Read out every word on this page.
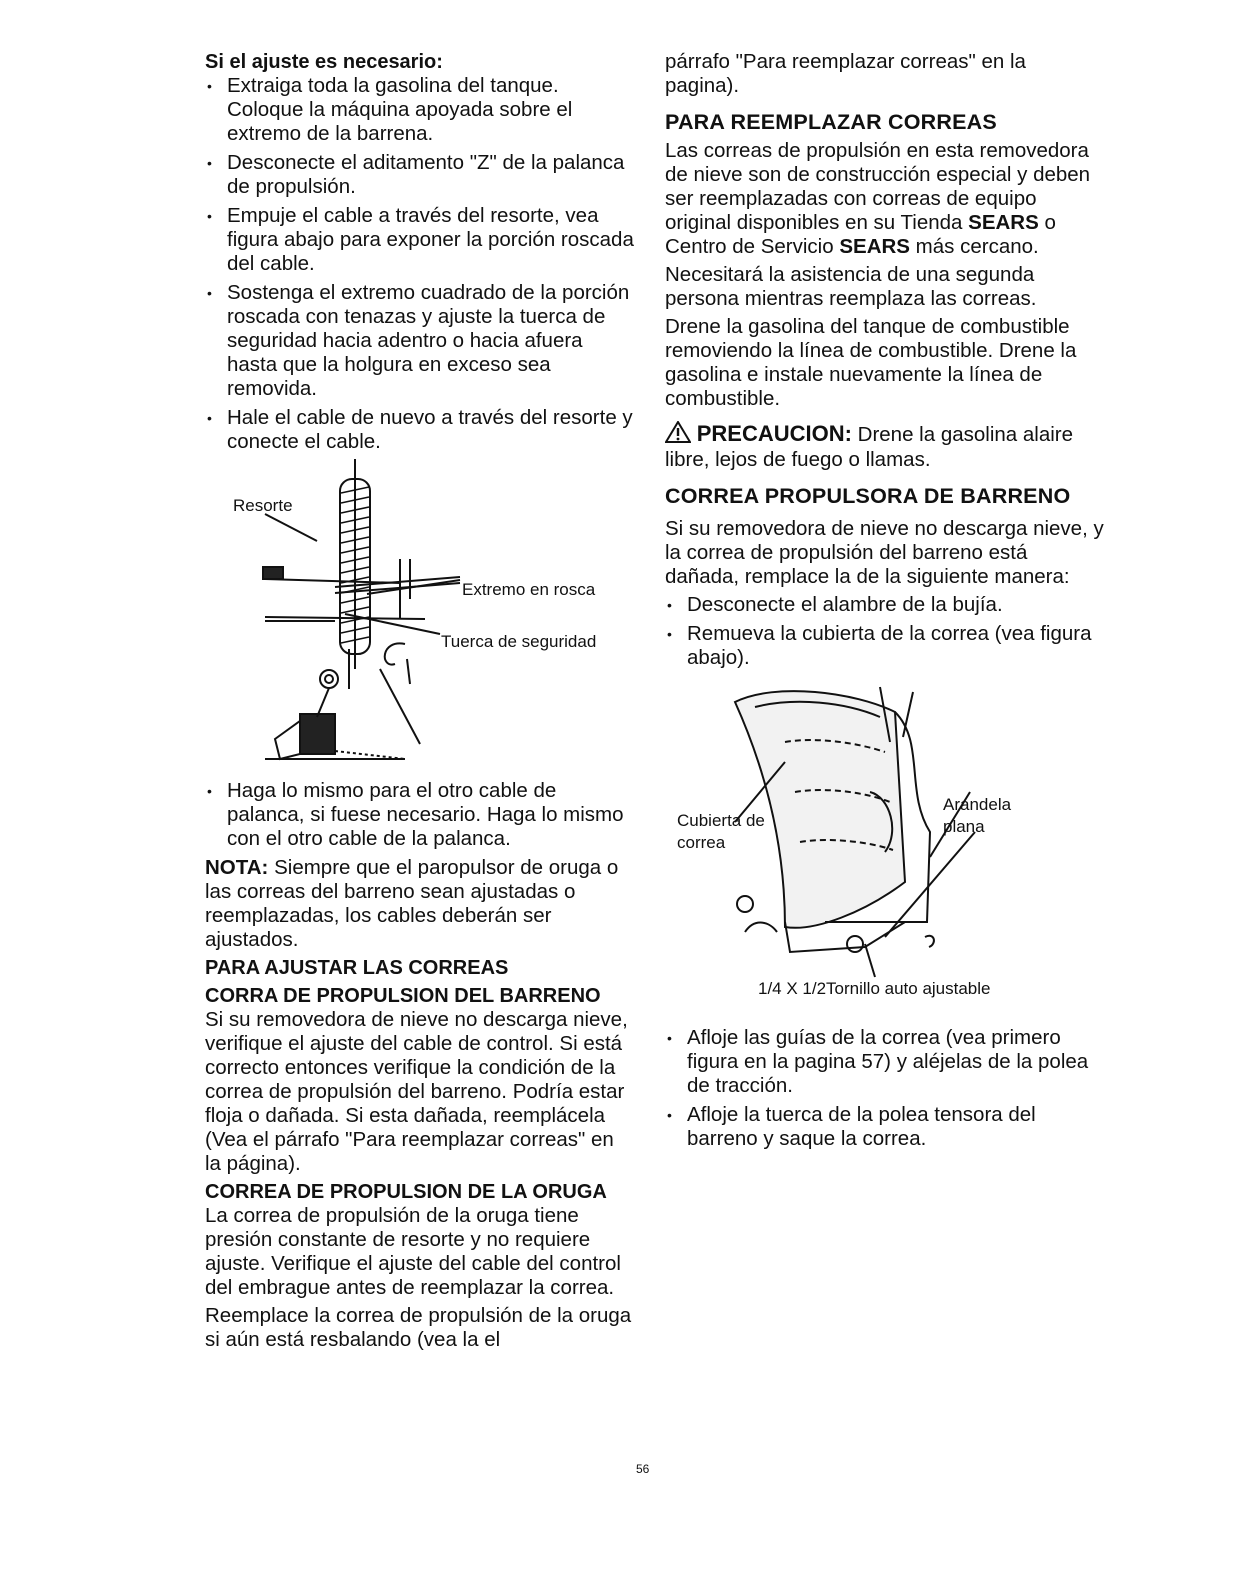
Si el ajuste es necesario:
• Extraiga toda la gasolina del tanque. Coloque la máquina apoyada sobre el extremo de la barrena.
• Desconecte el aditamento "Z" de la palanca de propulsión.
• Empuje el cable a través del resorte, vea figura abajo para exponer la porción roscada del cable.
• Sostenga el extremo cuadrado de la porción roscada con tenazas y ajuste la tuerca de seguridad hacia adentro o hacia afuera hasta que la holgura en exceso sea removida.
• Hale el cable de nuevo a través del resorte y conecte el cable.
Resorte
Extremo en rosca
Tuerca de seguridad
• Haga lo mismo para el otro cable de palanca, si fuese necesario. Haga lo mismo con el otro cable de la palanca.

NOTA: Siempre que el paropulsor de oruga o las correas del barreno sean ajustadas o reemplazadas, los cables deberán ser ajustados.

PARA AJUSTAR LAS CORREAS
CORRA DE PROPULSION DEL BARRENO

Si su removedora de nieve no descarga nieve, verifique el ajuste del cable de control. Si está correcto entonces verifique la condición de la correa de propulsión del barreno. Podría estar floja o dañada. Si esta dañada, reemplácela (Vea el párrafo "Para reemplazar correas" en la página).

CORREA DE PROPULSION DE LA ORUGA

La correa de propulsión de la oruga tiene presión constante de resorte y no requiere ajuste. Verifique el ajuste del cable del control del embrague antes de reemplazar la correa.

Reemplace la correa de propulsión de la oruga si aún está resbalando (vea la el

párrafo "Para reemplazar correas" en la pagina).

PARA REEMPLAZAR CORREAS

Las correas de propulsión en esta removedora de nieve son de construcción especial y deben ser reemplazadas con correas de equipo original disponibles en su Tienda SEARS o Centro de Servicio SEARS más cercano.

Necesitará la asistencia de una segunda persona mientras reemplaza las correas.

Drene la gasolina del tanque de combustible removiendo la línea de combustible. Drene la gasolina e instale nuevamente la línea de combustible.

PRECAUCION: Drene la gasolina alaire libre, lejos de fuego o llamas.

CORREA PROPULSORA DE BARRENO

Si su removedora de nieve no descarga nieve, y la correa de propulsión del barreno está dañada, remplace la de la siguiente manera:

• Desconecte el alambre de la bujía.
• Remueva la cubierta de la correa (vea figura abajo).
Cubierta de correa
Arandela plana
1/4 X 1/2Tornillo auto ajustable
• Afloje las guías de la correa (vea primero figura en la pagina 57) y aléjelas de la polea de tracción.
• Afloje la tuerca de la polea tensora del barreno y saque la correa.
56
